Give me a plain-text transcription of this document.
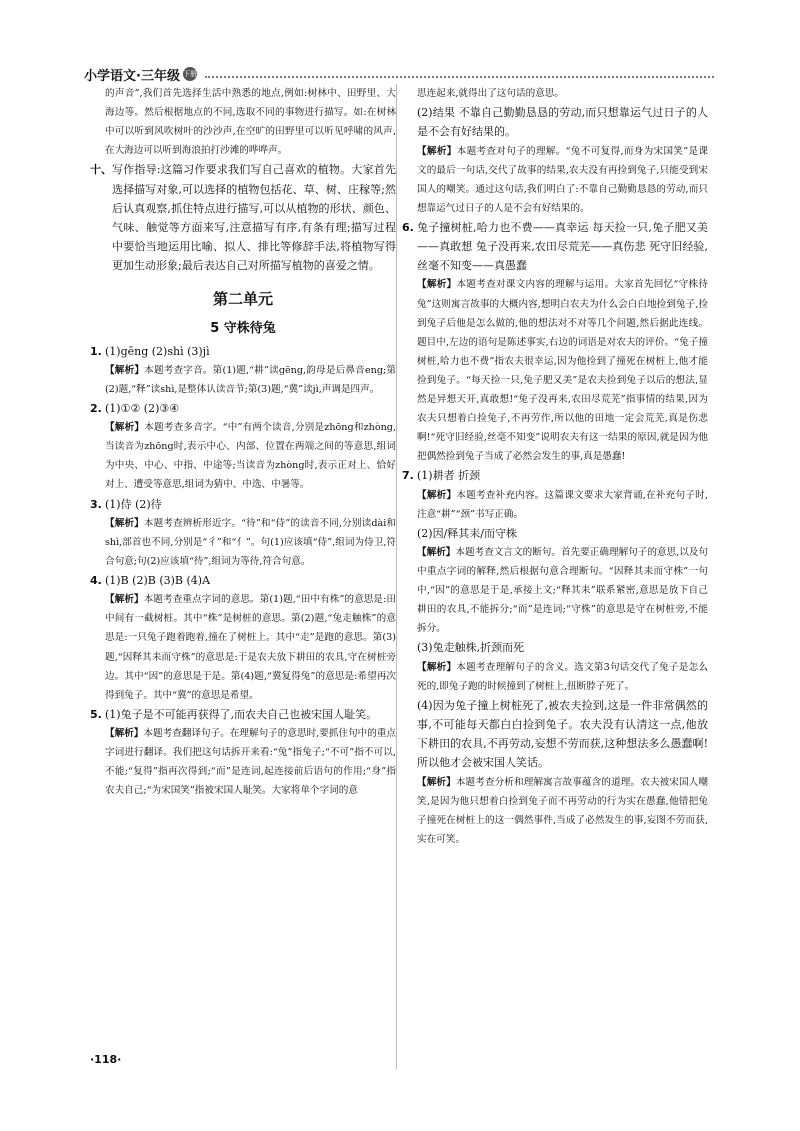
小学语文·三年级 下册

的声音”,我们首先选择生活中熟悉的地点,例如:树林中、田野里、大海边等。然后根据地点的不同,选取不同的事物进行描写。如:在树林中可以听到风吹树叶的沙沙声,在空旷的田野里可以听见呼啸的风声,在大海边可以听到海浪拍打沙滩的哗哗声。

十、 写作指导:这篇习作要求我们写自己喜欢的植物。大家首先选择描写对象,可以选择的植物包括花、草、树、庄稼等;然后认真观察,抓住特点进行描写,可以从植物的形状、颜色、气味、触觉等方面来写,注意描写有序,有条有理;描写过程中要恰当地运用比喻、拟人、排比等修辞手法,将植物写得更加生动形象;最后表达自己对所描写植物的喜爱之情。
第二单元
5 守株待兔
1. (1)gēng (2)shì (3)jì

【解析】本题考查字音。第(1)题,“耕”读gēng,韵母是后鼻音eng;第(2)题,“释”读shì,是整体认读音节;第(3)题,“冀”读jì,声调是四声。

2. (1)①② (2)③④

【解析】本题考查多音字。“中”有两个读音,分别是zhōng和zhòng,当读音为zhōng时,表示中心、内部、位置在两端之间的等意思,组词为中央、中心、中指、中途等;当读音为zhòng时,表示正对上、恰好对上、遭受等意思,组词为猜中、中选、中暑等。

3. (1)侍 (2)待

【解析】本题考查辨析形近字。“待”和“侍”的读音不同,分别读dài和shì,部首也不同,分别是“彳”和“亻”。句(1)应该填“侍”,组词为侍卫,符合句意;句(2)应该填“待”,组词为等待,符合句意。

4. (1)B (2)B (3)B (4)A

【解析】本题考查重点字词的意思。第(1)题,“田中有株”的意思是:田中间有一截树桩。其中“株”是树桩的意思。第(2)题,“兔走触株”的意思是:一只兔子跑着跑着,撞在了树桩上。其中“走”是跑的意思。第(3)题,“因释其耒而守株”的意思是:于是农夫放下耕田的农具,守在树桩旁边。其中“因”的意思是于是。第(4)题,“冀复得兔”的意思是:希望再次得到兔子。其中“冀”的意思是希望。

5. (1)兔子是不可能再获得了,而农夫自己也被宋国人耻笑。

【解析】本题考查翻译句子。在理解句子的意思时,要抓住句中的重点字词进行翻译。我们把这句话拆开来看:“兔”指兔子;“不可”指不可以,不能;“复得”指再次得到;“而”是连词,起连接前后语句的作用;“身”指农夫自己;“为宋国笑”指被宋国人耻笑。大家将单个字词的意

思连起来,就得出了这句话的意思。

(2)结果 不靠自己勤勤恳恳的劳动,而只想靠运气过日子的人是不会有好结果的。

【解析】本题考查对句子的理解。“兔不可复得,而身为宋国笑”是课文的最后一句话,交代了故事的结果,农夫没有再捡到兔子,只能受到宋国人的嘲笑。通过这句话,我们明白了:不靠自己勤勤恳恳的劳动,而只想靠运气过日子的人是不会有好结果的。

6. 兔子撞树桩,哈力也不费——真幸运 每天捡一只,兔子肥又美——真敢想 兔子没再来,农田尽荒芜——真伤悲 死守旧经验,丝毫不知变——真愚蠢

【解析】本题考查对课文内容的理解与运用。大家首先回忆“守株待兔”这则寓言故事的大概内容,想明白农夫为什么会白白地捡到兔子,捡到兔子后他是怎么做的,他的想法对不对等几个问题,然后据此连线。题目中,左边的语句是陈述事实,右边的词语是对农夫的评价。“兔子撞树桩,哈力也不费”指农夫很幸运,因为他捡到了撞死在树桩上,他才能捡到兔子。“每天捡一只,兔子肥又美”是农夫捡到兔子以后的想法,显然是异想天开,真敢想!“兔子没再来,农田尽荒芜”指事情的结果,因为农夫只想着白捡兔子,不再劳作,所以他的田地一定会荒芜,真是伤悲啊!“死守旧经验,丝毫不知变”说明农夫有这一结果的原因,就是因为他把偶然捡到兔子当成了必然会发生的事,真是愚蠢!

7. (1)耕者 折颈

【解析】本题考查补充内容。这篇课文要求大家背诵,在补充句子时,注意“耕”“颈”书写正确。

(2)因/释其耒/而守株

【解析】本题考查文言文的断句。首先要正确理解句子的意思,以及句中重点字词的解释,然后根据句意合理断句。“因释其耒而守株”一句中,“因”的意思是于是,承接上文;“释其耒”联系紧密,意思是放下自己耕田的农具,不能拆分;“而”是连词;“守株”的意思是守在树桩旁,不能拆分。

(3)兔走触株,折颈而死

【解析】本题考查理解句子的含义。选文第3句话交代了兔子是怎么死的,即兔子跑的时候撞到了树桩上,扭断脖子死了。

(4)因为兔子撞上树桩死了,被农夫捡到,这是一件非常偶然的事,不可能每天都白白捡到兔子。农夫没有认清这一点,他放下耕田的农具,不再劳动,妄想不劳而获,这种想法多么愚蠢啊!所以他才会被宋国人笑话。

【解析】本题考查分析和理解寓言故事蕴含的道理。农夫被宋国人嘲笑,是因为他只想着白捡到兔子而不再劳动的行为实在愚蠢,他错把兔子撞死在树桩上的这一偶然事件,当成了必然发生的事,妄图不劳而获,实在可笑。

·118·
